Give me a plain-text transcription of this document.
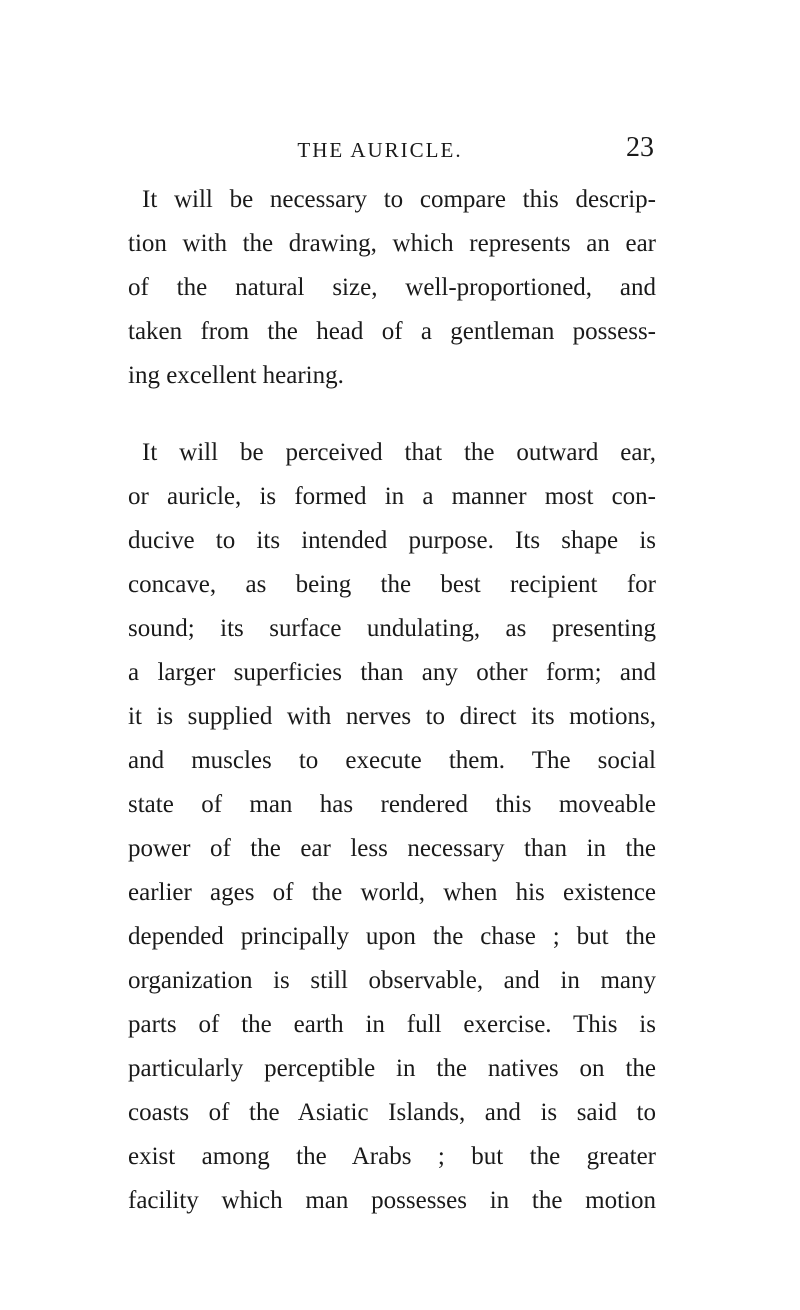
THE AURICLE.	23
It will be necessary to compare this descrip-
tion with the drawing, which represents an ear
of the natural size, well-proportioned, and
taken from the head of a gentleman possess-
ing excellent hearing.
It will be perceived that the outward ear,
or auricle, is formed in a manner most con-
ducive to its intended purpose. Its shape is
concave, as being the best recipient for
sound; its surface undulating, as presenting
a larger superficies than any other form; and
it is supplied with nerves to direct its motions,
and muscles to execute them. The social
state of man has rendered this moveable
power of the ear less necessary than in the
earlier ages of the world, when his existence
depended principally upon the chase ; but the
organization is still observable, and in many
parts of the earth in full exercise. This is
particularly perceptible in the natives on the
coasts of the Asiatic Islands, and is said to
exist among the Arabs ; but the greater
facility which man possesses in the motion
